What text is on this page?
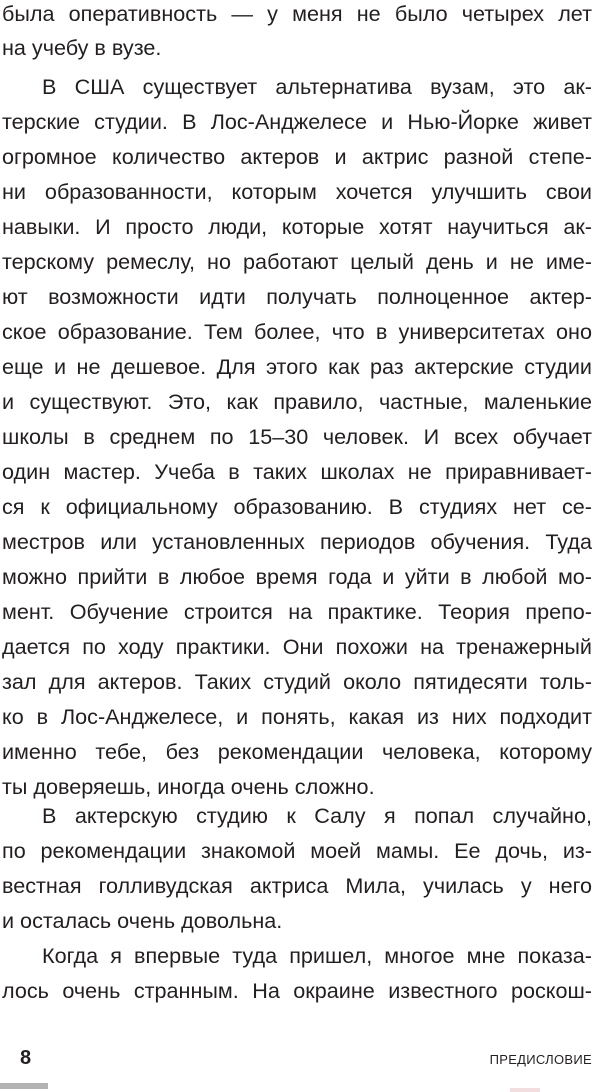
была оперативность — у меня не было четырех лет
на учебу в вузе.
В США существует альтернатива вузам, это ак-
терские студии. В Лос-Анджелесе и Нью-Йорке живет
огромное количество актеров и актрис разной степе-
ни образованности, которым хочется улучшить свои
навыки. И просто люди, которые хотят научиться ак-
терскому ремеслу, но работают целый день и не име-
ют возможности идти получать полноценное актер-
ское образование. Тем более, что в университетах оно
еще и не дешевое. Для этого как раз актерские студии
и существуют. Это, как правило, частные, маленькие
школы в среднем по 15–30 человек. И всех обучает
один мастер. Учеба в таких школах не приравнивает-
ся к официальному образованию. В студиях нет се-
местров или установленных периодов обучения. Туда
можно прийти в любое время года и уйти в любой мо-
мент. Обучение строится на практике. Теория препо-
дается по ходу практики. Они похожи на тренажерный
зал для актеров. Таких студий около пятидесяти толь-
ко в Лос-Анджелесе, и понять, какая из них подходит
именно тебе, без рекомендации человека, которому
ты доверяешь, иногда очень сложно.
В актерскую студию к Салу я попал случайно,
по рекомендации знакомой моей мамы. Ее дочь, из-
вестная голливудская актриса Мила, училась у него
и осталась очень довольна.
Когда я впервые туда пришел, многое мне показа-
лось очень странным. На окраине известного роскош-
8	ПРЕДИСЛОВИЕ
